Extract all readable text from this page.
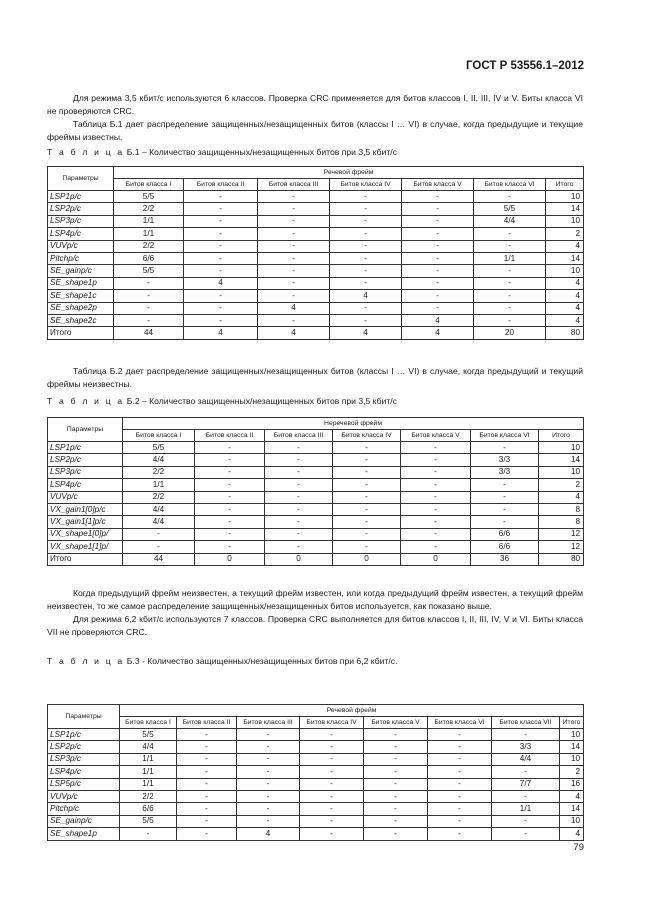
ГОСТ Р 53556.1–2012

Для режима 3,5 кбит/с используются 6 классов. Проверка CRC применяется для битов классов I, II, III, IV и V. Биты класса VI не проверяются CRC.

Таблица Б.1 дает распределение защищенных/незащищенных битов (классы I … VI) в случае, когда предыдущие и текущие фреймы известны.

Т а б л и ц а Б.1 – Количество защищенных/незащищенных битов при 3,5 кбит/с
Параметры	Речевой фрейм						
	Битов класса I	Битов класса II	Битов класса III	Битов класса IV	Битов класса V	Битов класса VI	Итого
LSP1p/c	5/5	-	-	-	-	-	10
LSP2p/c	2/2	-	-	-	-	5/5	14
LSP3p/c	1/1	-	-	-	-	4/4	10
LSP4p/c	1/1	-	-	-	-	-	2
VUVp/c	2/2	-	-	-	-	-	4
Pitchp/c	6/6	-	-	-	-	1/1	14
SE_gainp/c	5/5	-	-	-	-	-	10
SE_shape1p	-	4	-	-	-	-	4
SE_shape1c	-	-	-	4	-	-	4
SE_shape2p	-	-	4	-	-	-	4
SE_shape2c	-	-	-	-	4	-	4
Итого	44	4	4	4	4	20	80

Таблица Б.2 дает распределение защищенных/незащищенных битов (классы I … VI) в случае, когда предыдущий и текущий фреймы неизвестны.

Т а б л и ц а Б.2 – Количество защищенных/незащищенных битов при 3,5 кбит/с
Параметры	Неречевой фрейм						
	Битов класса I	Битов класса II	Битов класса III	Битов класса IV	Битов класса V	Битов класса VI	Итого
LSP1p/c	5/5	-	-	-	-	-	10
LSP2p/c	4/4	-	-	-	-	3/3	14
LSP3p/c	2/2	-	-	-	-	3/3	10
LSP4p/c	1/1	-	-	-	-	-	2
VUVp/c	2/2	-	-	-	-	-	4
VX_gain1[0]p/c	4/4	-	-	-	-	-	8
VX_gain1[1]p/c	4/4	-	-	-	-	-	8
VX_shape1[0]p/	-	-	-	-	-	6/6	12
VX_shape1[1]p/	-	-	-	-	-	6/6	12
Итого	44	0	0	0	0	36	80

Когда предыдущий фрейм неизвестен, а текущий фрейм известен, или когда предыдущий фрейм известен, а текущий фрейм неизвестен, то же самое распределение защищенных/незащищенных битов используется, как показано выше.

Для режима 6,2 кбит/с используются 7 классов. Проверка CRC выполняется для битов классов I, II, III, IV, V и VI. Биты класса VII не проверяются CRC.

Т а б л и ц а Б.3 - Количество защищенных/незащищенных битов при 6,2 кбит/с.
Параметры	Речевой фрейм							
	Битов класса I	Битов класса II	Битов класса III	Битов класса IV	Битов класса V	Битов класса VI	Битов класса VII	Итого
LSP1p/c	5/5	-	-	-	-	-	-	10
LSP2p/c	4/4	-	-	-	-	-	3/3	14
LSP3p/c	1/1	-	-	-	-	-	4/4	10
LSP4p/c	1/1	-	-	-	-	-	-	2
LSP5p/c	1/1	-	-	-	-	-	7/7	16
VUVp/c	2/2	-	-	-	-	-	-	4
Pitchp/c	6/6	-	-	-	-	-	1/1	14
SE_gainp/c	5/5	-	-	-	-	-	-	10
SE_shape1p	-	-	4	-	-	-	-	4
79
